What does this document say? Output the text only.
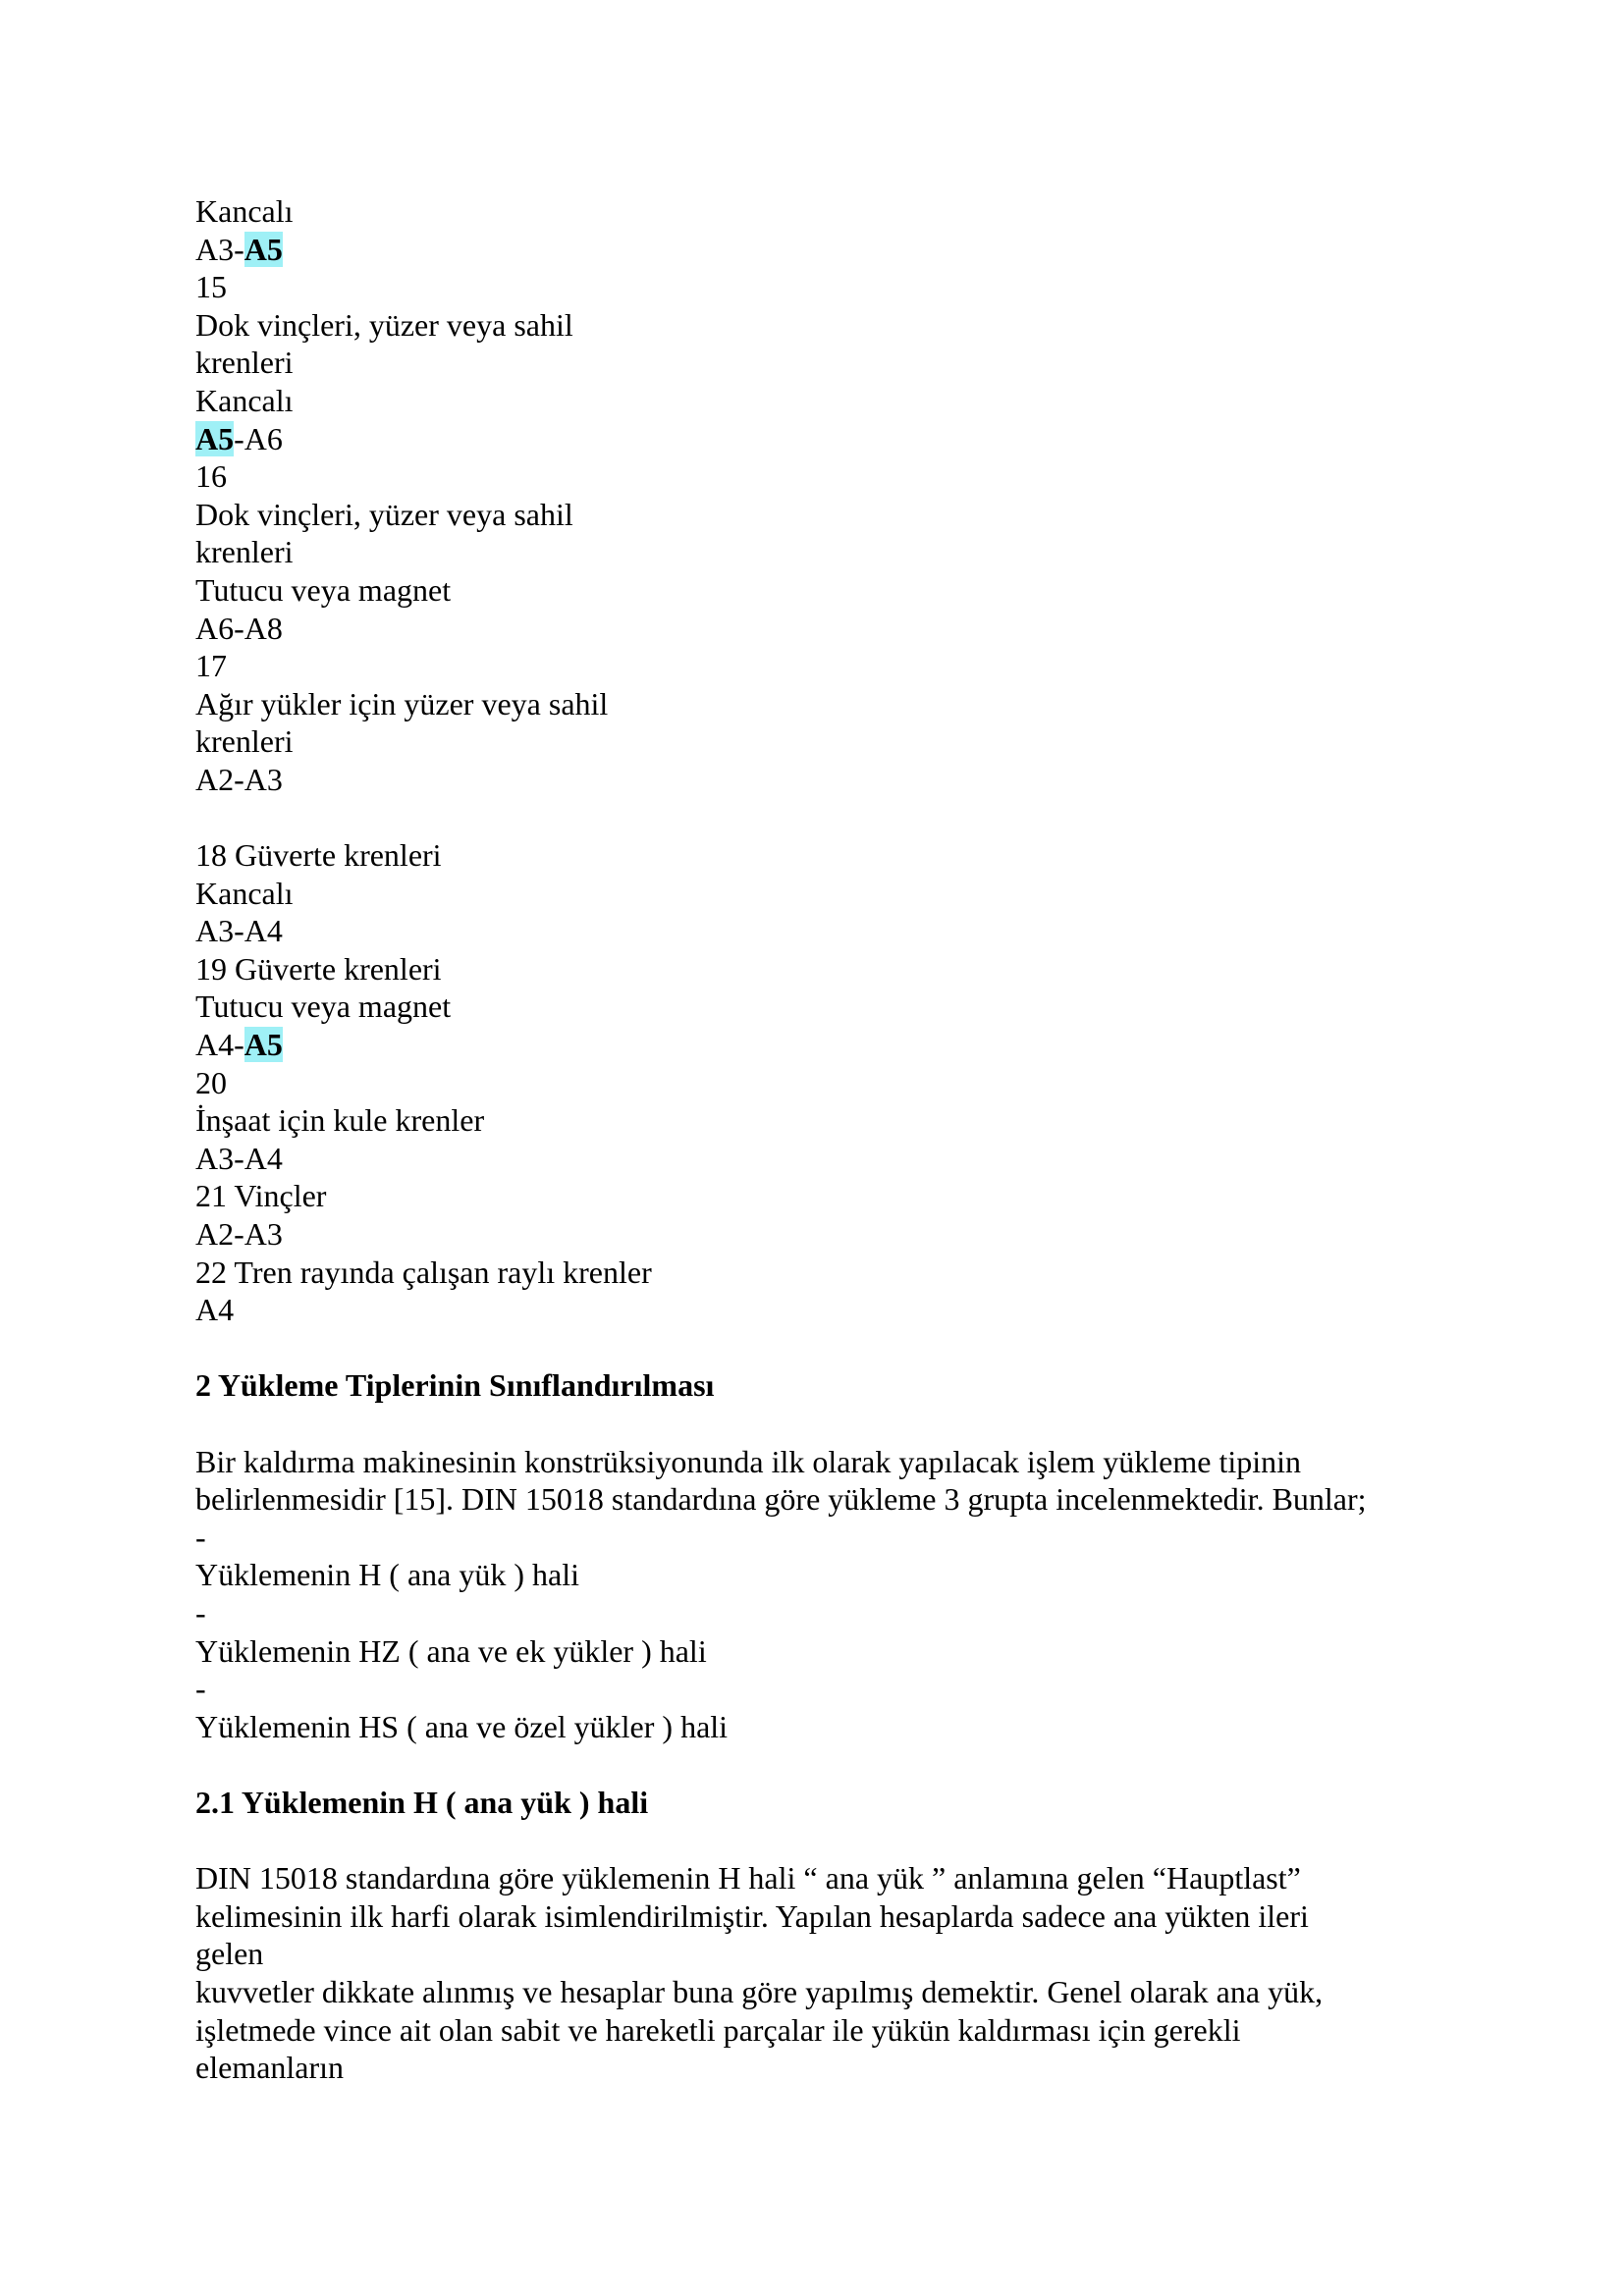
Kancalı
A3-A5
15
Dok vinçleri, yüzer veya sahil
krenleri
Kancalı
A5-A6
16
Dok vinçleri, yüzer veya sahil
krenleri
Tutucu veya magnet
A6-A8
17
Ağır yükler için yüzer veya sahil
krenleri
A2-A3
18 Güverte krenleri
Kancalı
A3-A4
19 Güverte krenleri
Tutucu veya magnet
A4-A5
20
İnşaat için kule krenler
A3-A4
21 Vinçler
A2-A3
22 Tren rayında çalışan raylı krenler
A4
2 Yükleme Tiplerinin Sınıflandırılması
Bir kaldırma makinesinin konstrüksiyonunda ilk olarak yapılacak işlem yükleme tipinin
belirlenmesidir [15]. DIN 15018 standardına göre yükleme 3 grupta incelenmektedir. Bunlar;
-
Yüklemenin H ( ana yük ) hali
-
Yüklemenin HZ ( ana ve ek yükler ) hali
-
Yüklemenin HS ( ana ve özel yükler ) hali
2.1 Yüklemenin H ( ana yük ) hali
DIN 15018 standardına göre yüklemenin H hali “ ana yük ” anlamına gelen “Hauptlast”
kelimesinin ilk harfi olarak isimlendirilmiştir. Yapılan hesaplarda sadece ana yükten ileri
gelen
kuvvetler dikkate alınmış ve hesaplar buna göre yapılmış demektir. Genel olarak ana yük,
işletmede vince ait olan sabit ve hareketli parçalar ile yükün kaldırması için gerekli
elemanların
